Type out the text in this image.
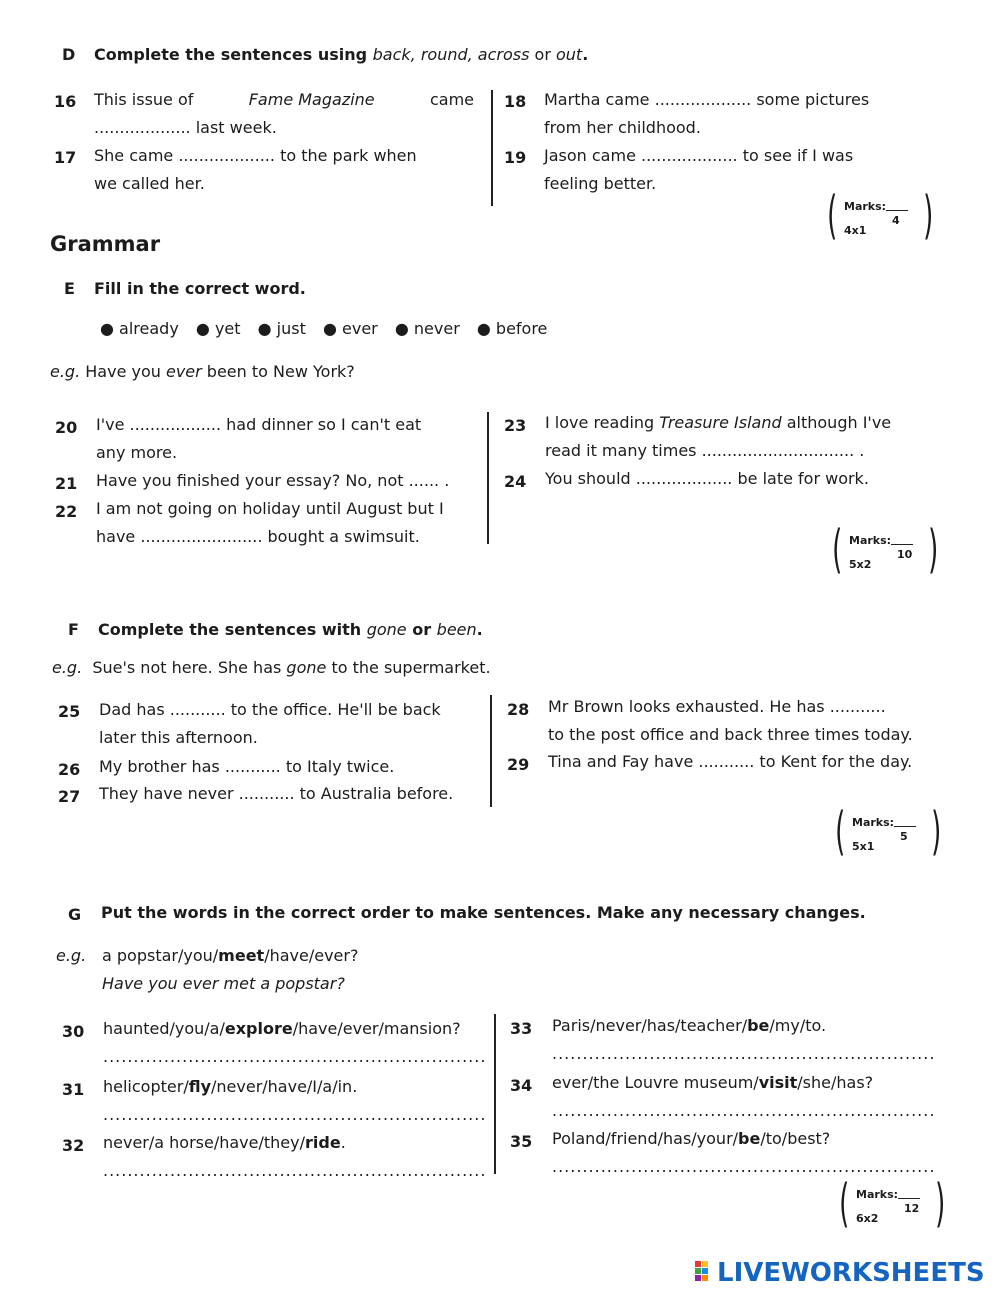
D Complete the sentences using back, round, across or out.
16 This issue of	Fame Magazine	came
................... last week.
17 She came ................... to the park when
we called her.
18 Martha came ................... some pictures
from her childhood.
19 Jason came ................... to see if I was
feeling better.
( )
Marks:
4x1
4
Grammar
E Fill in the correct word.
● already ● yet ● just ● ever ● never ● before
e.g. Have you ever been to New York?
20 I've .................. had dinner so I can't eat
any more.
21 Have you finished your essay? No, not ...... .
22 I am not going on holiday until August but I
have ........................ bought a swimsuit.
23 I love reading Treasure Island although I've
read it many times .............................. .
24 You should ................... be late for work.
( )
Marks:
5x2
10
F Complete the sentences with gone or been.
e.g. Sue's not here. She has gone to the supermarket.
25 Dad has ........... to the office. He'll be back
later this afternoon.
26 My brother has ........... to Italy twice.
27 They have never ........... to Australia before.
28 Mr Brown looks exhausted. He has ...........
to the post office and back three times today.
29 Tina and Fay have ........... to Kent for the day.
( )
Marks:
5x1
5
G Put the words in the correct order to make sentences. Make any necessary changes.
e.g. a popstar/you/meet/have/ever?
Have you ever met a popstar?
30 haunted/you/a/explore/have/ever/mansion?
...............................................................
31 helicopter/fly/never/have/I/a/in.
...............................................................
32 never/a horse/have/they/ride.
...............................................................
33 Paris/never/has/teacher/be/my/to.
...............................................................
34 ever/the Louvre museum/visit/she/has?
...............................................................
35 Poland/friend/has/your/be/to/best?
...............................................................
( )
Marks:
6x2
12
LIVEWORKSHEETS
